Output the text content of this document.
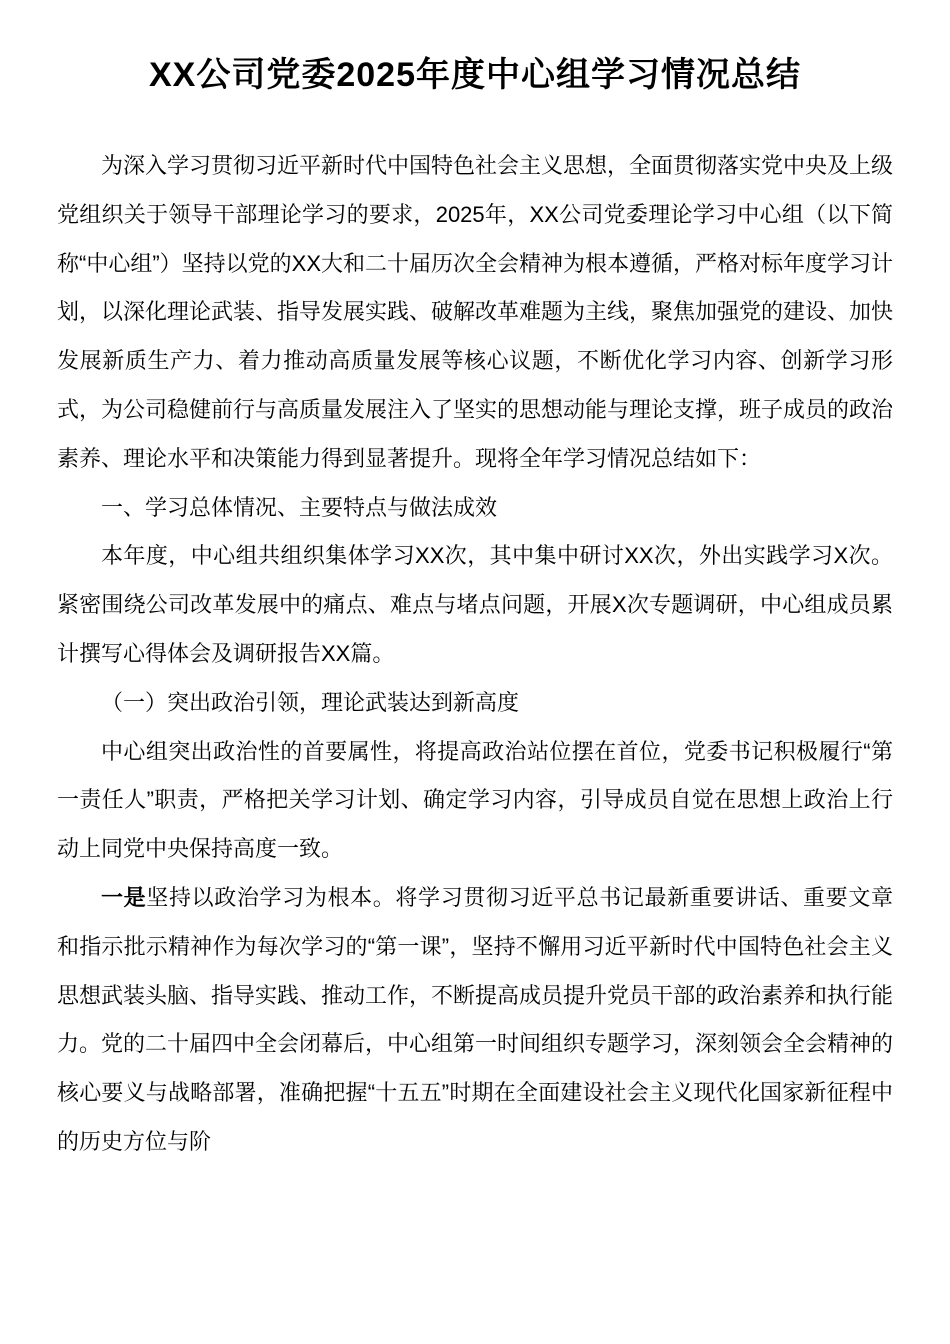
XX公司党委2025年度中心组学习情况总结

为深入学习贯彻习近平新时代中国特色社会主义思想，全面贯彻落实党中央及上级党组织关于领导干部理论学习的要求，2025年，XX公司党委理论学习中心组（以下简称“中心组”）坚持以党的XX大和二十届历次全会精神为根本遵循，严格对标年度学习计划，以深化理论武装、指导发展实践、破解改革难题为主线，聚焦加强党的建设、加快发展新质生产力、着力推动高质量发展等核心议题，不断优化学习内容、创新学习形式，为公司稳健前行与高质量发展注入了坚实的思想动能与理论支撑，班子成员的政治素养、理论水平和决策能力得到显著提升。现将全年学习情况总结如下：

一、学习总体情况、主要特点与做法成效

本年度，中心组共组织集体学习XX次，其中集中研讨XX次，外出实践学习X次。紧密围绕公司改革发展中的痛点、难点与堵点问题，开展X次专题调研，中心组成员累计撰写心得体会及调研报告XX篇。

（一）突出政治引领，理论武装达到新高度

中心组突出政治性的首要属性，将提高政治站位摆在首位，党委书记积极履行“第一责任人”职责，严格把关学习计划、确定学习内容，引导成员自觉在思想上政治上行动上同党中央保持高度一致。

一是坚持以政治学习为根本。将学习贯彻习近平总书记最新重要讲话、重要文章和指示批示精神作为每次学习的“第一课”，坚持不懈用习近平新时代中国特色社会主义思想武装头脑、指导实践、推动工作，不断提高成员提升党员干部的政治素养和执行能力。党的二十届四中全会闭幕后，中心组第一时间组织专题学习，深刻领会全会精神的核心要义与战略部署，准确把握“十五五”时期在全面建设社会主义现代化国家新征程中的历史方位与阶
